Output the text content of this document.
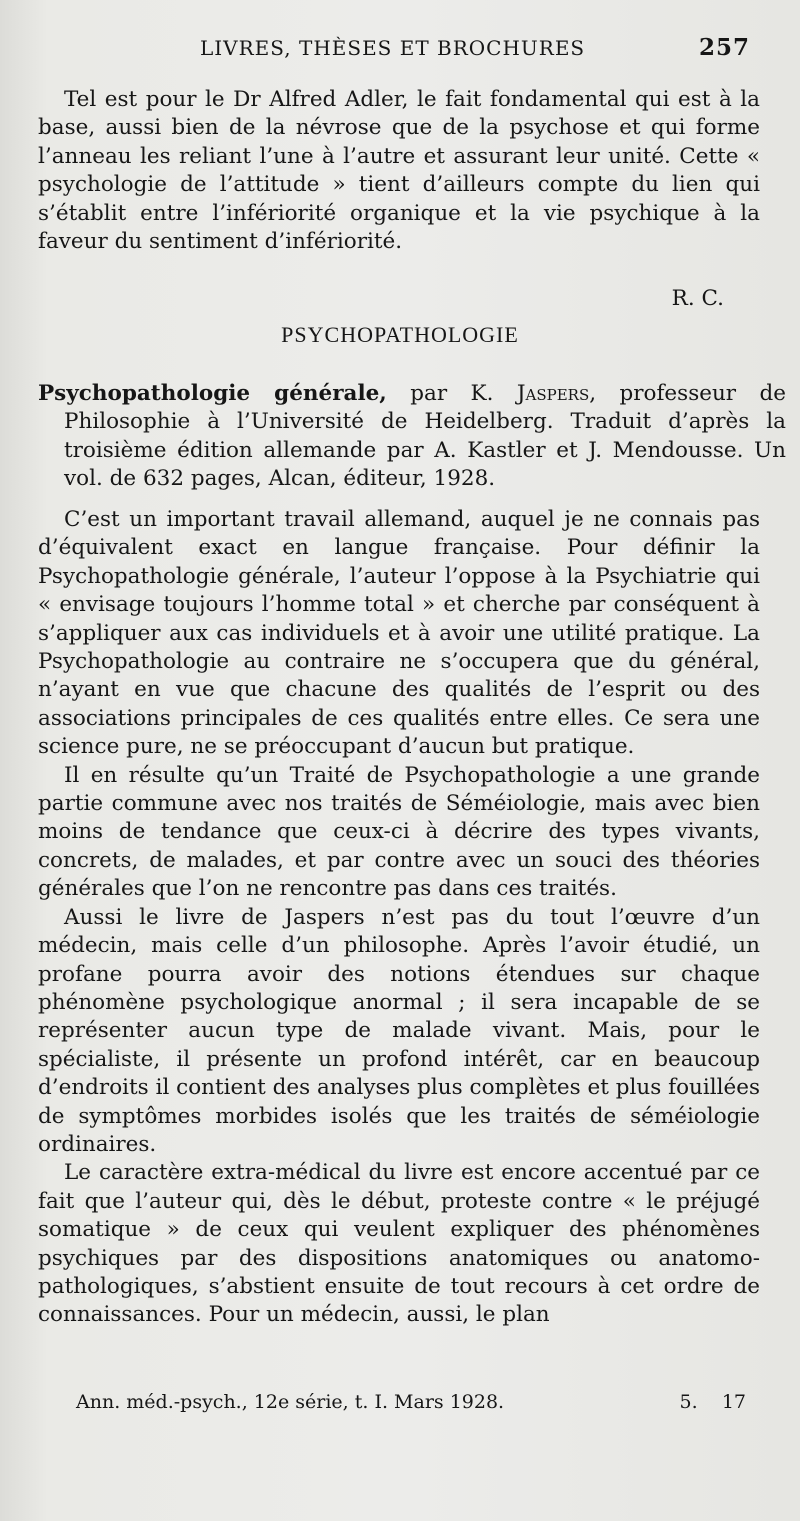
LIVRES, THÈSES ET BROCHURES	257

Tel est pour le Dr Alfred Adler, le fait fondamental qui est à la base, aussi bien de la névrose que de la psychose et qui forme l’anneau les reliant l’une à l’autre et assurant leur unité. Cette « psychologie de l’attitude » tient d’ailleurs compte du lien qui s’établit entre l’infériorité organique et la vie psychique à la faveur du sentiment d’infériorité.

R. C.
PSYCHOPATHOLOGIE
Psychopathologie générale, par K. Jaspers, professeur de Philosophie à l’Université de Heidelberg. Traduit d’après la troisième édition allemande par A. Kastler et J. Mendousse. Un vol. de 632 pages, Alcan, éditeur, 1928.

C’est un important travail allemand, auquel je ne connais pas d’équivalent exact en langue française. Pour définir la Psychopathologie générale, l’auteur l’oppose à la Psychiatrie qui « envisage toujours l’homme total » et cherche par conséquent à s’appliquer aux cas individuels et à avoir une utilité pratique. La Psychopathologie au contraire ne s’occupera que du général, n’ayant en vue que chacune des qualités de l’esprit ou des associations principales de ces qualités entre elles. Ce sera une science pure, ne se préoccupant d’aucun but pratique.

Il en résulte qu’un Traité de Psychopathologie a une grande partie commune avec nos traités de Séméiologie, mais avec bien moins de tendance que ceux-ci à décrire des types vivants, concrets, de malades, et par contre avec un souci des théories générales que l’on ne rencontre pas dans ces traités.

Aussi le livre de Jaspers n’est pas du tout l’œuvre d’un médecin, mais celle d’un philosophe. Après l’avoir étudié, un profane pourra avoir des notions étendues sur chaque phénomène psychologique anormal ; il sera incapable de se représenter aucun type de malade vivant. Mais, pour le spécialiste, il présente un profond intérêt, car en beaucoup d’endroits il contient des analyses plus complètes et plus fouillées de symptômes morbides isolés que les traités de séméiologie ordinaires.

Le caractère extra-médical du livre est encore accentué par ce fait que l’auteur qui, dès le début, proteste contre « le préjugé somatique » de ceux qui veulent expliquer des phénomènes psychiques par des dispositions anatomiques ou anatomo-pathologiques, s’abstient ensuite de tout recours à cet ordre de connaissances. Pour un médecin, aussi, le plan

Ann. méd.-psych., 12e série, t. I. Mars 1928.	5.    17
